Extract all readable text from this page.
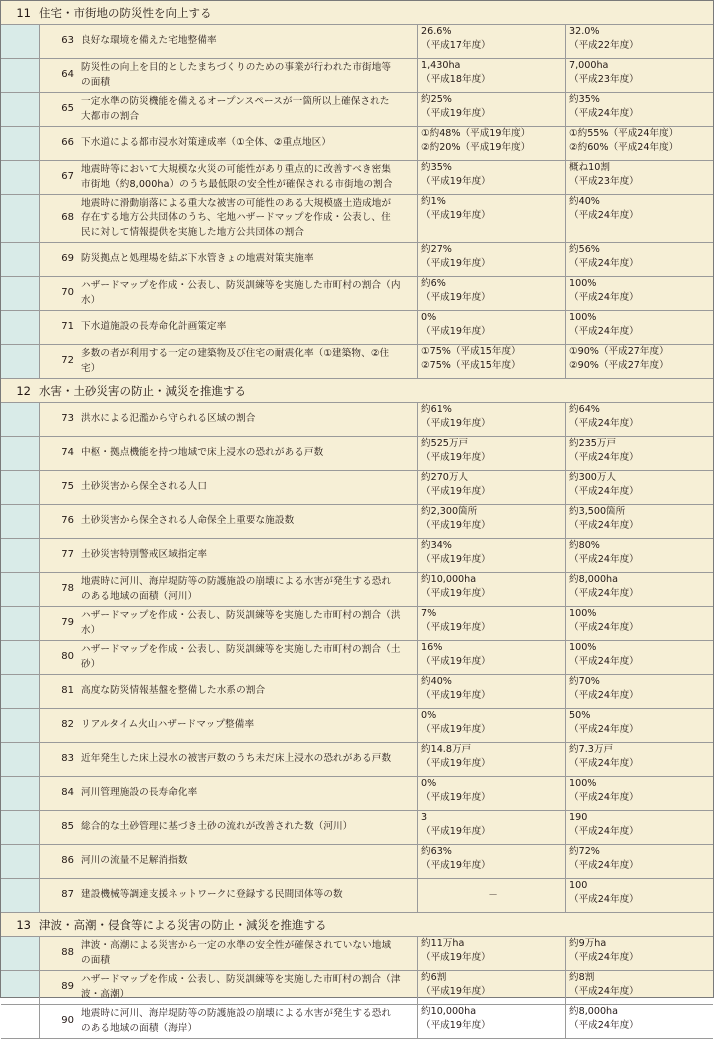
11 住宅・市街地の防災性を向上する
63 良好な環境を備えた宅地整備率
26.6%
（平成17年度）
32.0%
（平成22年度）
64
防災性の向上を目的としたまちづくりのための事業が行われた市街地等
の面積
1,430ha
（平成18年度）
7,000ha
（平成23年度）
65
一定水準の防災機能を備えるオープンスペースが一箇所以上確保された
大都市の割合
約25%
（平成19年度）
約35%
（平成24年度）
66 下水道による都市浸水対策達成率（①全体、②重点地区）
①約48%（平成19年度）
②約20%（平成19年度）
①約55%（平成24年度）
②約60%（平成24年度）
67
地震時等において大規模な火災の可能性があり重点的に改善すべき密集
市街地（約8,000ha）のうち最低限の安全性が確保される市街地の割合
約35%
（平成19年度）
概ね10割
（平成23年度）
68
地震時に滑動崩落による重大な被害の可能性のある大規模盛土造成地が
存在する地方公共団体のうち、宅地ハザードマップを作成・公表し、住
民に対して情報提供を実施した地方公共団体の割合
約1%
（平成19年度）
約40%
（平成24年度）
69 防災拠点と処理場を結ぶ下水管きょの地震対策実施率
約27%
（平成19年度）
約56%
（平成24年度）
70
ハザードマップを作成・公表し、防災訓練等を実施した市町村の割合（内
水）
約6%
（平成19年度）
100%
（平成24年度）
71 下水道施設の長寿命化計画策定率
0%
（平成19年度）
100%
（平成24年度）
72
多数の者が利用する一定の建築物及び住宅の耐震化率（①建築物、②住
宅）
①75%（平成15年度）
②75%（平成15年度）
①90%（平成27年度）
②90%（平成27年度）
12 水害・土砂災害の防止・減災を推進する
73 洪水による氾濫から守られる区域の割合
約61%
（平成19年度）
約64%
（平成24年度）
74 中枢・拠点機能を持つ地域で床上浸水の恐れがある戸数
約525万戸
（平成19年度）
約235万戸
（平成24年度）
75 土砂災害から保全される人口
約270万人
（平成19年度）
約300万人
（平成24年度）
76 土砂災害から保全される人命保全上重要な施設数
約2,300箇所
（平成19年度）
約3,500箇所
（平成24年度）
77 土砂災害特別警戒区域指定率
約34%
（平成19年度）
約80%
（平成24年度）
78
地震時に河川、海岸堤防等の防護施設の崩壊による水害が発生する恐れ
のある地域の面積（河川）
約10,000ha
（平成19年度）
約8,000ha
（平成24年度）
79
ハザードマップを作成・公表し、防災訓練等を実施した市町村の割合（洪
水）
7%
（平成19年度）
100%
（平成24年度）
80
ハザードマップを作成・公表し、防災訓練等を実施した市町村の割合（土
砂）
16%
（平成19年度）
100%
（平成24年度）
81 高度な防災情報基盤を整備した水系の割合
約40%
（平成19年度）
約70%
（平成24年度）
82 リアルタイム火山ハザードマップ整備率
0%
（平成19年度）
50%
（平成24年度）
83 近年発生した床上浸水の被害戸数のうち未だ床上浸水の恐れがある戸数
約14.8万戸
（平成19年度）
約7.3万戸
（平成24年度）
84 河川管理施設の長寿命化率
0%
（平成19年度）
100%
（平成24年度）
85 総合的な土砂管理に基づき土砂の流れが改善された数（河川）
3
（平成19年度）
190
（平成24年度）
86 河川の流量不足解消指数
約63%
（平成19年度）
約72%
（平成24年度）
87 建設機械等調達支援ネットワークに登録する民間団体等の数	－
100
（平成24年度）
13 津波・高潮・侵食等による災害の防止・減災を推進する
88
津波・高潮による災害から一定の水準の安全性が確保されていない地域
の面積
約11万ha
（平成19年度）
約9万ha
（平成24年度）
89
ハザードマップを作成・公表し、防災訓練等を実施した市町村の割合（津
波・高潮）
約6割
（平成19年度）
約8割
（平成24年度）
90
地震時に河川、海岸堤防等の防護施設の崩壊による水害が発生する恐れ
のある地域の面積（海岸）
約10,000ha
（平成19年度）
約8,000ha
（平成24年度）
